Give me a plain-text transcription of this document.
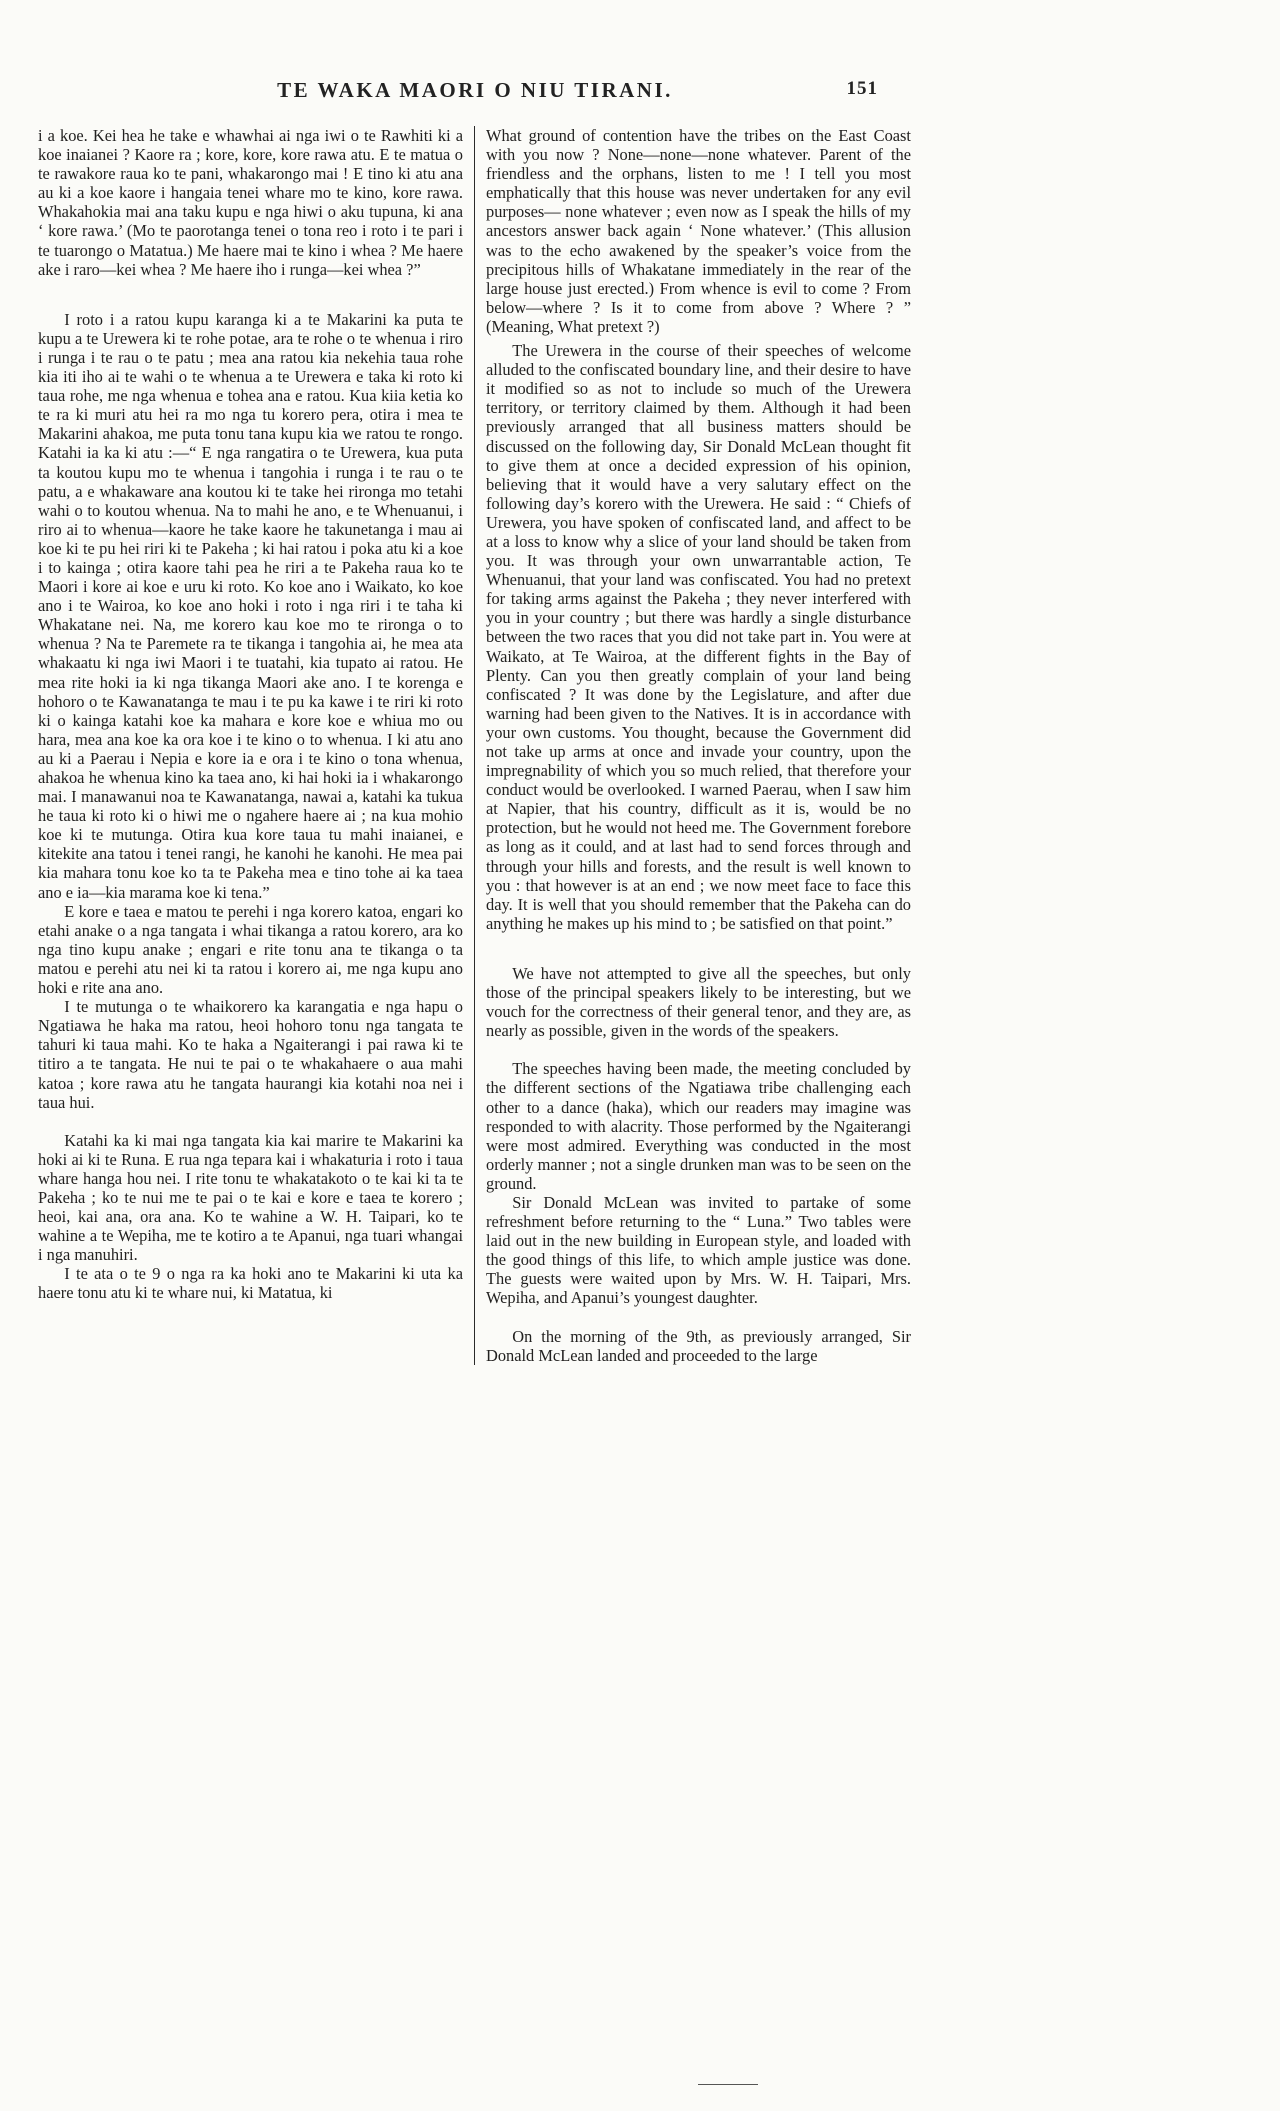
TE WAKA MAORI O NIU TIRANI.	151

i a koe. Kei hea he take e whawhai ai nga iwi o te Rawhiti ki a koe inaianei ? Kaore ra ; kore, kore, kore rawa atu. E te matua o te rawakore raua ko te pani, whakarongo mai ! E tino ki atu ana au ki a koe kaore i hangaia tenei whare mo te kino, kore rawa. Whakahokia mai ana taku kupu e nga hiwi o aku tupuna, ki ana ‘ kore rawa.’ (Mo te paorotanga tenei o tona reo i roto i te pari i te tuarongo o Matatua.) Me haere mai te kino i whea ? Me haere ake i raro—kei whea ? Me haere iho i runga—kei whea ?”

I roto i a ratou kupu karanga ki a te Makarini ka puta te kupu a te Urewera ki te rohe potae, ara te rohe o te whenua i riro i runga i te rau o te patu ; mea ana ratou kia nekehia taua rohe kia iti iho ai te wahi o te whenua a te Urewera e taka ki roto ki taua rohe, me nga whenua e tohea ana e ratou. Kua kiia ketia ko te ra ki muri atu hei ra mo nga tu korero pera, otira i mea te Makarini ahakoa, me puta tonu tana kupu kia we ratou te rongo. Katahi ia ka ki atu :—“ E nga rangatira o te Urewera, kua puta ta koutou kupu mo te whenua i tangohia i runga i te rau o te patu, a e whakaware ana koutou ki te take hei rironga mo tetahi wahi o to koutou whenua. Na to mahi he ano, e te Whenuanui, i riro ai to whenua—kaore he take kaore he takunetanga i mau ai koe ki te pu hei riri ki te Pakeha ; ki hai ratou i poka atu ki a koe i to kainga ; otira kaore tahi pea he riri a te Pakeha raua ko te Maori i kore ai koe e uru ki roto. Ko koe ano i Waikato, ko koe ano i te Wairoa, ko koe ano hoki i roto i nga riri i te taha ki Whakatane nei. Na, me korero kau koe mo te rironga o to whenua ? Na te Paremete ra te tikanga i tangohia ai, he mea ata whakaatu ki nga iwi Maori i te tuatahi, kia tupato ai ratou. He mea rite hoki ia ki nga tikanga Maori ake ano. I te korenga e hohoro o te Kawanatanga te mau i te pu ka kawe i te riri ki roto ki o kainga katahi koe ka mahara e kore koe e whiua mo ou hara, mea ana koe ka ora koe i te kino o to whenua. I ki atu ano au ki a Paerau i Nepia e kore ia e ora i te kino o tona whenua, ahakoa he whenua kino ka taea ano, ki hai hoki ia i whakarongo mai. I manawanui noa te Kawanatanga, nawai a, katahi ka tukua he taua ki roto ki o hiwi me o ngahere haere ai ; na kua mohio koe ki te mutunga. Otira kua kore taua tu mahi inaianei, e kitekite ana tatou i tenei rangi, he kanohi he kanohi. He mea pai kia mahara tonu koe ko ta te Pakeha mea e tino tohe ai ka taea ano e ia—kia marama koe ki tena.”

E kore e taea e matou te perehi i nga korero katoa, engari ko etahi anake o a nga tangata i whai tikanga a ratou korero, ara ko nga tino kupu anake ; engari e rite tonu ana te tikanga o ta matou e perehi atu nei ki ta ratou i korero ai, me nga kupu ano hoki e rite ana ano.

I te mutunga o te whaikorero ka karangatia e nga hapu o Ngatiawa he haka ma ratou, heoi hohoro tonu nga tangata te tahuri ki taua mahi. Ko te haka a Ngaiterangi i pai rawa ki te titiro a te tangata. He nui te pai o te whakahaere o aua mahi katoa ; kore rawa atu he tangata haurangi kia kotahi noa nei i taua hui.

Katahi ka ki mai nga tangata kia kai marire te Makarini ka hoki ai ki te Runa. E rua nga tepara kai i whakaturia i roto i taua whare hanga hou nei. I rite tonu te whakatakoto o te kai ki ta te Pakeha ; ko te nui me te pai o te kai e kore e taea te korero ; heoi, kai ana, ora ana. Ko te wahine a W. H. Taipari, ko te wahine a te Wepiha, me te kotiro a te Apanui, nga tuari whangai i nga manuhiri.

I te ata o te 9 o nga ra ka hoki ano te Makarini ki uta ka haere tonu atu ki te whare nui, ki Matatua, ki

What ground of contention have the tribes on the East Coast with you now ? None—none—none whatever. Parent of the friendless and the orphans, listen to me ! I tell you most emphatically that this house was never undertaken for any evil purposes— none whatever ; even now as I speak the hills of my ancestors answer back again ‘ None whatever.’ (This allusion was to the echo awakened by the speaker’s voice from the precipitous hills of Whakatane immediately in the rear of the large house just erected.) From whence is evil to come ? From below—where ? Is it to come from above ? Where ? ” (Meaning, What pretext ?)

The Urewera in the course of their speeches of welcome alluded to the confiscated boundary line, and their desire to have it modified so as not to include so much of the Urewera territory, or territory claimed by them. Although it had been previously arranged that all business matters should be discussed on the following day, Sir Donald McLean thought fit to give them at once a decided expression of his opinion, believing that it would have a very salutary effect on the following day’s korero with the Urewera. He said : “ Chiefs of Urewera, you have spoken of confiscated land, and affect to be at a loss to know why a slice of your land should be taken from you. It was through your own unwarrantable action, Te Whenuanui, that your land was confiscated. You had no pretext for taking arms against the Pakeha ; they never interfered with you in your country ; but there was hardly a single disturbance between the two races that you did not take part in. You were at Waikato, at Te Wairoa, at the different fights in the Bay of Plenty. Can you then greatly complain of your land being confiscated ? It was done by the Legislature, and after due warning had been given to the Natives. It is in accordance with your own customs. You thought, because the Government did not take up arms at once and invade your country, upon the impregnability of which you so much relied, that therefore your conduct would be overlooked. I warned Paerau, when I saw him at Napier, that his country, difficult as it is, would be no protection, but he would not heed me. The Government forebore as long as it could, and at last had to send forces through and through your hills and forests, and the result is well known to you : that however is at an end ; we now meet face to face this day. It is well that you should remember that the Pakeha can do anything he makes up his mind to ; be satisfied on that point.”

We have not attempted to give all the speeches, but only those of the principal speakers likely to be interesting, but we vouch for the correctness of their general tenor, and they are, as nearly as possible, given in the words of the speakers.

The speeches having been made, the meeting concluded by the different sections of the Ngatiawa tribe challenging each other to a dance (haka), which our readers may imagine was responded to with alacrity. Those performed by the Ngaiterangi were most admired. Everything was conducted in the most orderly manner ; not a single drunken man was to be seen on the ground.

Sir Donald McLean was invited to partake of some refreshment before returning to the “ Luna.” Two tables were laid out in the new building in European style, and loaded with the good things of this life, to which ample justice was done. The guests were waited upon by Mrs. W. H. Taipari, Mrs. Wepiha, and Apanui’s youngest daughter.

On the morning of the 9th, as previously arranged, Sir Donald McLean landed and proceeded to the large
